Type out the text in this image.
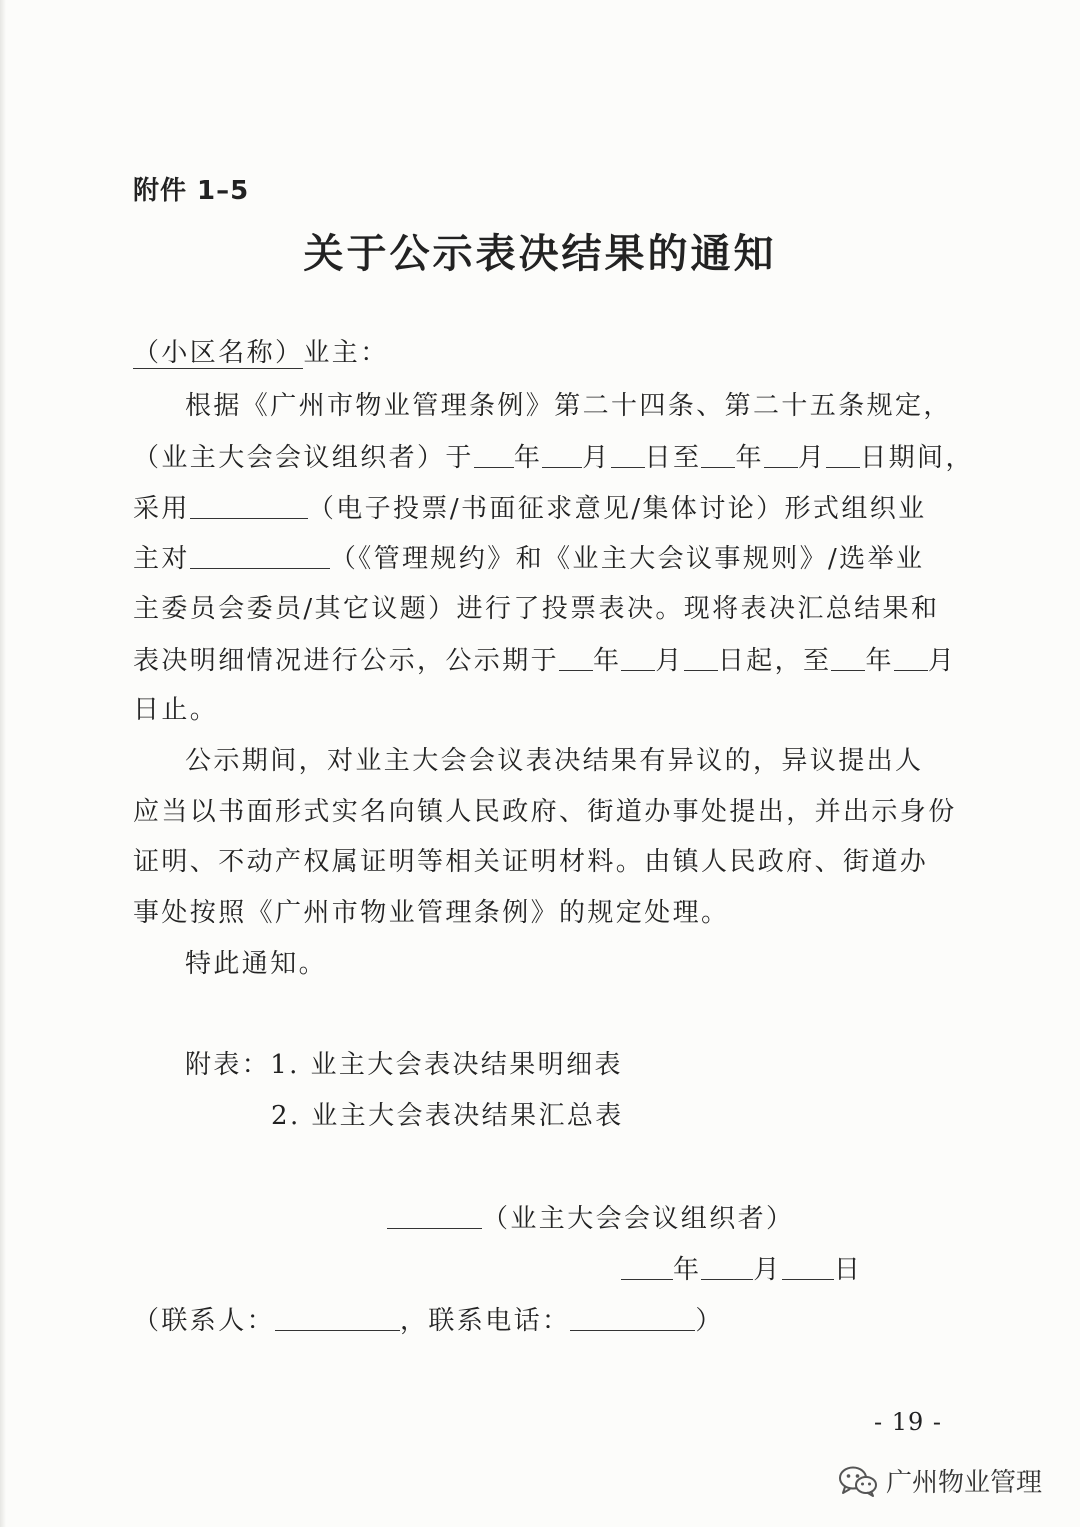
附件 1–5
关于公示表决结果的通知
（小区名称）业主：
根据《广州市物业管理条例》第二十四条、第二十五条规定，
（业主大会会议组织者）于 年 月 日至 年 月 日期间，
采用	（电子投票/书面征求意见/集体讨论）形式组织业
主对	（《管理规约》和《业主大会议事规则》/选举业
主委员会委员/其它议题）进行了投票表决。现将表决汇总结果和
表决明细情况进行公示，公示期于 年 月 日起，至 年 月
日止。
公示期间，对业主大会会议表决结果有异议的，异议提出人
应当以书面形式实名向镇人民政府、街道办事处提出，并出示身份
证明、不动产权属证明等相关证明材料。由镇人民政府、街道办
事处按照《广州市物业管理条例》的规定处理。
特此通知。
附表：1. 业主大会表决结果明细表
2. 业主大会表决结果汇总表
（业主大会会议组织者）
年 月 日
（联系人：	，联系电话：	）
- 19 -
广州物业管理
